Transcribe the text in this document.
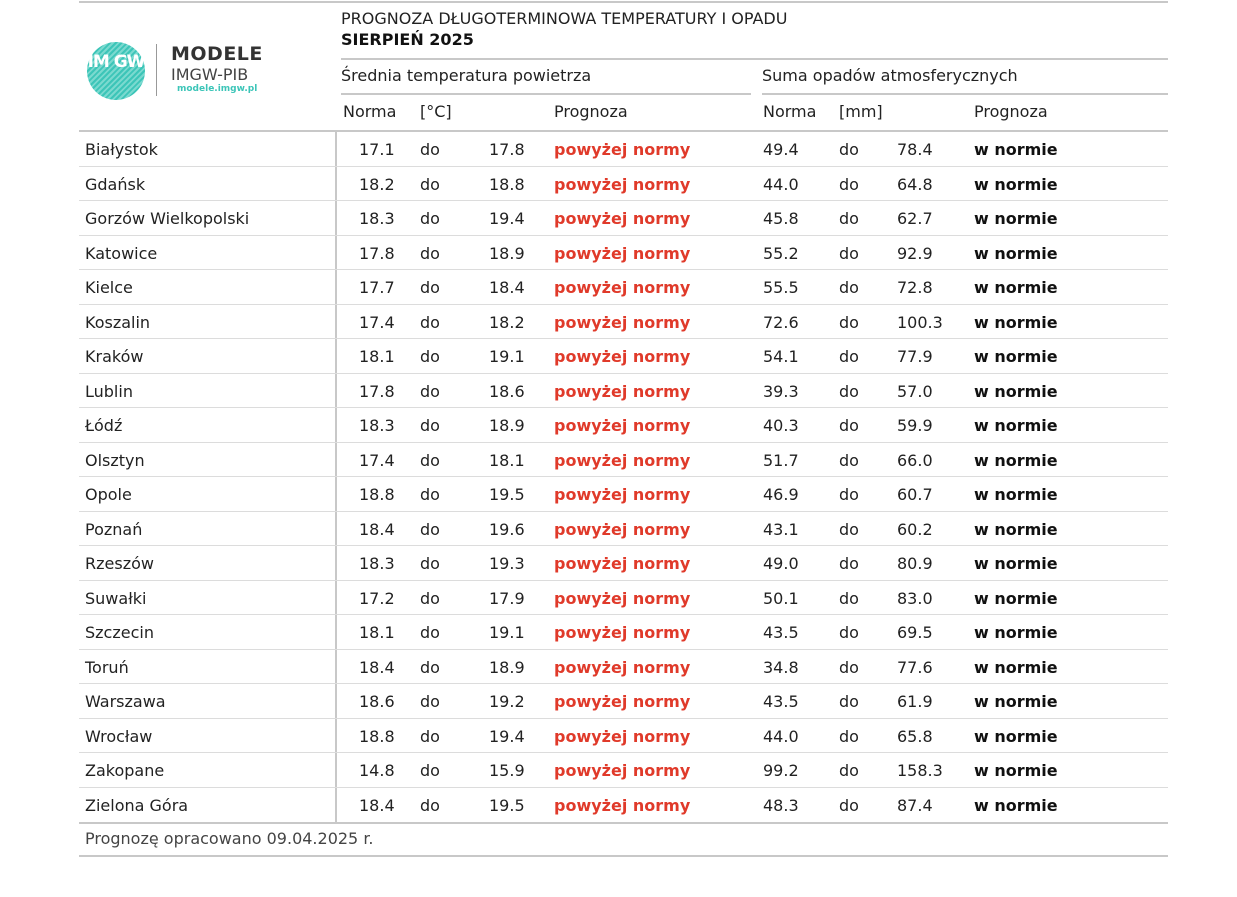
IM GW MODELE
IMGW-PIB
modele.imgw.pl
PROGNOZA DŁUGOTERMINOWA TEMPERATURY I OPADU
SIERPIEŃ 2025
Średnia temperatura powietrza	Suma opadów atmosferycznych
Norma [°C]	Prognoza	Norma [mm]	Prognoza
Białystok	17.1 do	17.8 powyżej normy	49.4	do 78.4	w normie
Gdańsk	18.2 do	18.8 powyżej normy	44.0	do 64.8	w normie
Gorzów Wielkopolski	18.3 do	19.4 powyżej normy	45.8	do 62.7	w normie
Katowice	17.8 do	18.9 powyżej normy	55.2	do 92.9	w normie
Kielce	17.7 do	18.4 powyżej normy	55.5	do 72.8	w normie
Koszalin	17.4 do	18.2 powyżej normy	72.6	do 100.3 w normie
Kraków	18.1 do	19.1 powyżej normy	54.1	do 77.9	w normie
Lublin	17.8 do	18.6 powyżej normy	39.3	do 57.0	w normie
Łódź	18.3 do	18.9 powyżej normy	40.3	do 59.9	w normie
Olsztyn	17.4 do	18.1 powyżej normy	51.7	do 66.0	w normie
Opole	18.8 do	19.5 powyżej normy	46.9	do 60.7	w normie
Poznań	18.4 do	19.6 powyżej normy	43.1	do 60.2	w normie
Rzeszów	18.3 do	19.3 powyżej normy	49.0	do 80.9	w normie
Suwałki	17.2 do	17.9 powyżej normy	50.1	do 83.0	w normie
Szczecin	18.1 do	19.1 powyżej normy	43.5	do 69.5	w normie
Toruń	18.4 do	18.9 powyżej normy	34.8	do 77.6	w normie
Warszawa	18.6 do	19.2 powyżej normy	43.5	do 61.9	w normie
Wrocław	18.8 do	19.4 powyżej normy	44.0	do 65.8	w normie
Zakopane	14.8 do	15.9 powyżej normy	99.2	do 158.3 w normie
Zielona Góra	18.4 do	19.5 powyżej normy	48.3	do 87.4	w normie
Prognozę opracowano 09.04.2025 r.
